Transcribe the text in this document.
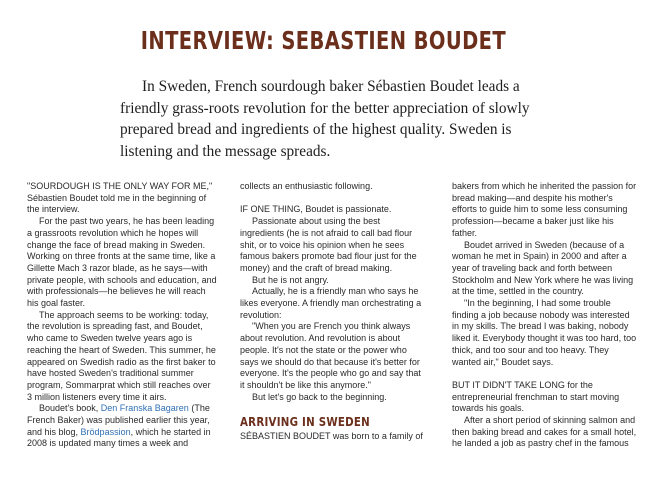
INTERVIEW: SEBASTIEN BOUDET

In Sweden, French sourdough baker Sébastien Boudet leads a friendly grass-roots revolution for the better appreciation of slowly prepared bread and ingredients of the highest quality. Sweden is listening and the message spreads.

"SOURDOUGH IS THE ONLY WAY FOR ME," Sébastien Boudet told me in the beginning of the interview.

For the past two years, he has been leading a grassroots revolution which he hopes will change the face of bread making in Sweden. Working on three fronts at the same time, like a Gillette Mach 3 razor blade, as he says—with private people, with schools and education, and with professionals—he believes he will reach his goal faster.

The approach seems to be working: today, the revolution is spreading fast, and Boudet, who came to Sweden twelve years ago is reaching the heart of Sweden. This summer, he appeared on Swedish radio as the first baker to have hosted Sweden's traditional summer program, Sommarprat which still reaches over 3 million listeners every time it airs.

Boudet's book, Den Franska Bagaren (The French Baker) was published earlier this year, and his blog, Brödpassion, which he started in 2008 is updated many times a week and

collects an enthusiastic following.

IF ONE THING, Boudet is passionate.

Passionate about using the best ingredients (he is not afraid to call bad flour shit, or to voice his opinion when he sees famous bakers promote bad flour just for the money) and the craft of bread making.

But he is not angry.

Actually, he is a friendly man who says he likes everyone. A friendly man orchestrating a revolution:

"When you are French you think always about revolution. And revolution is about people. It's not the state or the power who says we should do that because it's better for everyone. It's the people who go and say that it shouldn't be like this anymore."

But let's go back to the beginning.

ARRIVING IN SWEDEN

SÉBASTIEN BOUDET was born to a family of

bakers from which he inherited the passion for bread making—and despite his mother's efforts to guide him to some less consuming profession—became a baker just like his father.

Boudet arrived in Sweden (because of a woman he met in Spain) in 2000 and after a year of traveling back and forth between Stockholm and New York where he was living at the time, settled in the country.

"In the beginning, I had some trouble finding a job because nobody was interested in my skills. The bread I was baking, nobody liked it. Everybody thought it was too hard, too thick, and too sour and too heavy. They wanted air," Boudet says.

BUT IT DIDN'T TAKE LONG for the entrepreneurial frenchman to start moving towards his goals.

After a short period of skinning salmon and then baking bread and cakes for a small hotel, he landed a job as pastry chef in the famous
